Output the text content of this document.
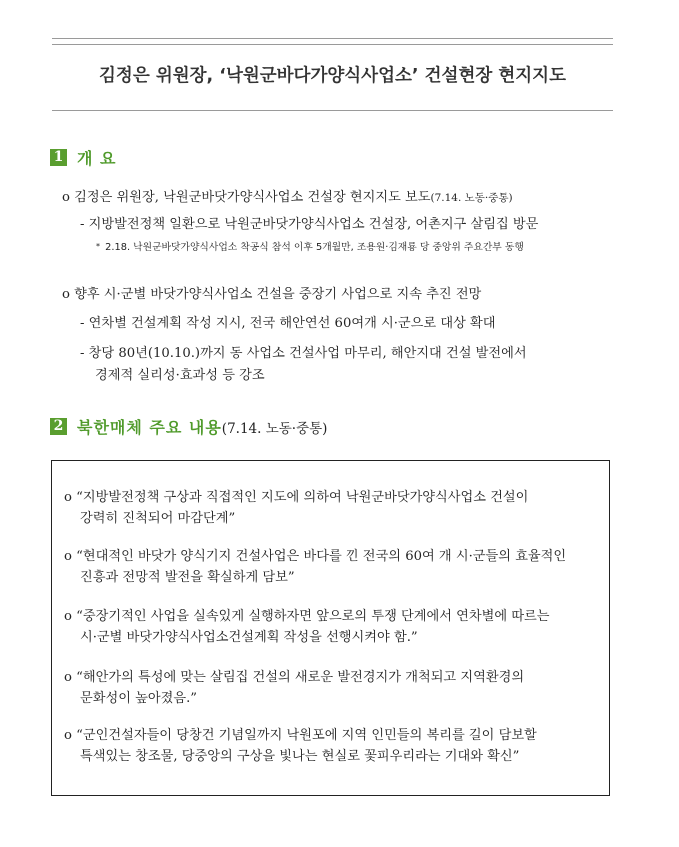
김정은 위원장, ‘낙원군바다가양식사업소’ 건설현장 현지지도
1 개 요
o 김정은 위원장, 낙원군바닷가양식사업소 건설장 현지지도 보도(7.14. 노동·중통)
- 지방발전정책 일환으로 낙원군바닷가양식사업소 건설장, 어촌지구 살림집 방문
* 2.18. 낙원군바닷가양식사업소 착공식 참석 이후 5개월만, 조용원·김재룡 당 중앙위 주요간부 동행
o 향후 시·군별 바닷가양식사업소 건설을 중장기 사업으로 지속 추진 전망
- 연차별 건설계획 작성 지시, 전국 해안연선 60여개 시·군으로 대상 확대
- 창당 80년(10.10.)까지 동 사업소 건설사업 마무리, 해안지대 건설 발전에서
경제적 실리성·효과성 등 강조
2 북한매체 주요 내용 (7.14. 노동·중통)
o “지방발전정책 구상과 직접적인 지도에 의하여 낙원군바닷가양식사업소 건설이
강력히 진척되어 마감단계”
o “현대적인 바닷가 양식기지 건설사업은 바다를 낀 전국의 60여 개 시·군들의 효율적인
진흥과 전망적 발전을 확실하게 담보”
o “중장기적인 사업을 실속있게 실행하자면 앞으로의 투쟁 단계에서 연차별에 따르는
시·군별 바닷가양식사업소건설계획 작성을 선행시켜야 함.”
o “해안가의 특성에 맞는 살림집 건설의 새로운 발전경지가 개척되고 지역환경의
문화성이 높아졌음.”
o “군인건설자들이 당창건 기념일까지 낙원포에 지역 인민들의 복리를 길이 담보할
특색있는 창조물, 당중앙의 구상을 빛나는 현실로 꽃피우리라는 기대와 확신”
